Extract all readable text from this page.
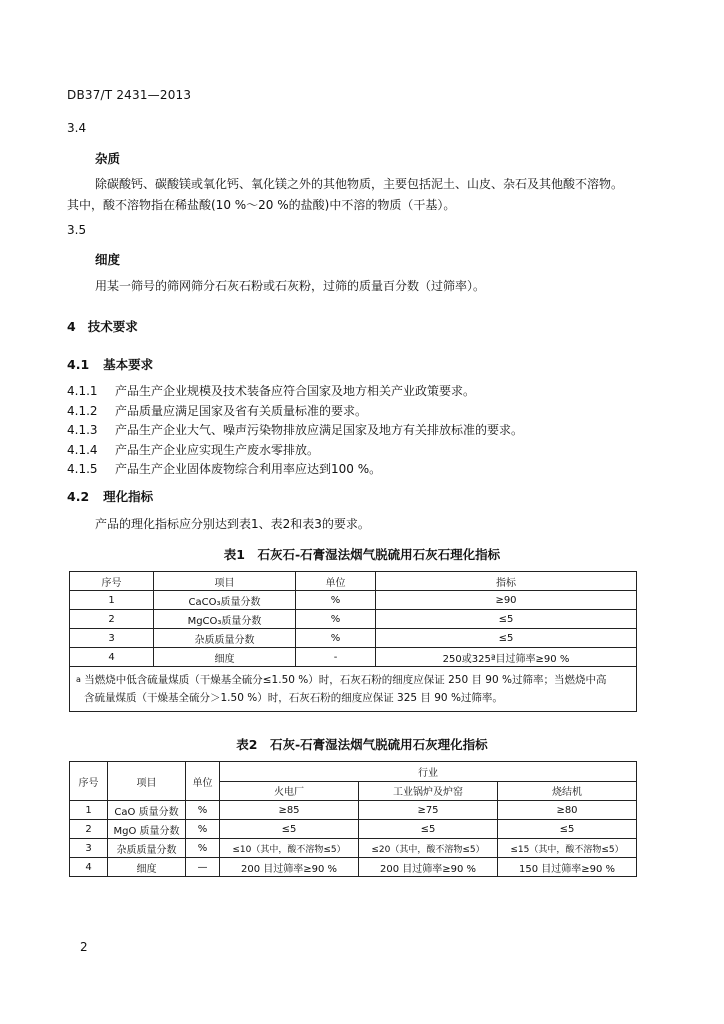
DB37/T 2431—2013
3.4
杂质
除碳酸钙、碳酸镁或氧化钙、氧化镁之外的其他物质，主要包括泥土、山皮、杂石及其他酸不溶物。
其中，酸不溶物指在稀盐酸(10 %～20 %的盐酸)中不溶的物质（干基）。
3.5
细度
用某一筛号的筛网筛分石灰石粉或石灰粉，过筛的质量百分数（过筛率）。
4 技术要求
4.1 基本要求
4.1.1 产品生产企业规模及技术装备应符合国家及地方相关产业政策要求。
4.1.2 产品质量应满足国家及省有关质量标准的要求。
4.1.3 产品生产企业大气、噪声污染物排放应满足国家及地方有关排放标准的要求。
4.1.4 产品生产企业应实现生产废水零排放。
4.1.5 产品生产企业固体废物综合利用率应达到100 %。
4.2 理化指标
产品的理化指标应分别达到表1、表2和表3的要求。
表1　石灰石-石膏湿法烟气脱硫用石灰石理化指标
序号	项目	单位	指标
1	CaCO₃质量分数	%	≥90
2	MgCO₃质量分数	%	≤5
3	杂质质量分数	%	≤5
4	细度	-	250或325ª目过筛率≥90 %

$^a$ 当燃烧中低含硫量煤质（干燥基全硫分≤1.50 %）时，石灰石粉的细度应保证 250 目 90 %过筛率；当燃烧中高
含硫量煤质（干燥基全硫分＞1.50 %）时，石灰石粉的细度应保证 325 目 90 %过筛率。			
表2　石灰-石膏湿法烟气脱硫用石灰理化指标
序号	项目	单位	行业		
			火电厂	工业锅炉及炉窑	烧结机
1	CaO 质量分数	%	≥85	≥75	≥80
2	MgO 质量分数	%	≤5	≤5	≤5
3	杂质质量分数	%	≤10（其中，酸不溶物≤5）	≤20（其中，酸不溶物≤5）	≤15（其中，酸不溶物≤5）
4	细度	—	200 目过筛率≥90 %	200 目过筛率≥90 %	150 目过筛率≥90 %
2
